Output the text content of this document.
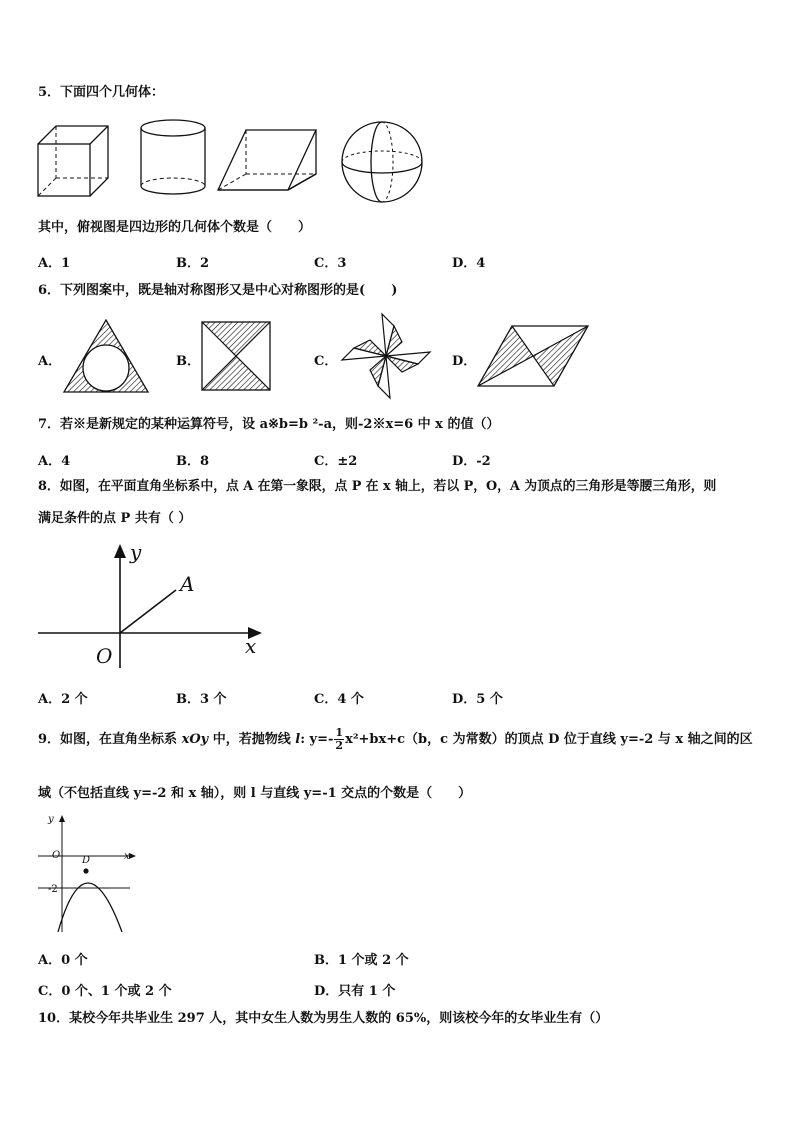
5．下面四个几何体：
其中，俯视图是四边形的几何体个数是（　　）
A．1	B．2	C．3	D．4
6．下列图案中，既是轴对称图形又是中心对称图形的是(　　)
A．	B．	C．	D．
7．若※是新规定的某种运算符号，设 a※b=b ²-a，则-2※x=6 中 x 的值（）
A．4	B．8	C．±2	D．-2
8．如图，在平面直角坐标系中，点 A 在第一象限，点 P 在 x 轴上，若以 P，O，A 为顶点的三角形是等腰三角形，则
满足条件的点 P 共有（ ）
y
x
A
O
A．2 个	B．3 个	C．4 个	D．5 个
9．如图，在直角坐标系 xOy 中，若抛物线 l: $y=- \frac{1}{2} x^2+bx+c(b$，c 为常数）的顶点 D 位于直线 y=-2 与 x 轴之间的区
域（不包括直线 y=-2 和 x 轴），则 l 与直线 y=-1 交点的个数是（　　）
y
x
O D
-2
A．0 个	B．1 个或 2 个
C．0 个、1 个或 2 个	D．只有 1 个
10．某校今年共毕业生 297 人，其中女生人数为男生人数的 65%，则该校今年的女毕业生有（）
